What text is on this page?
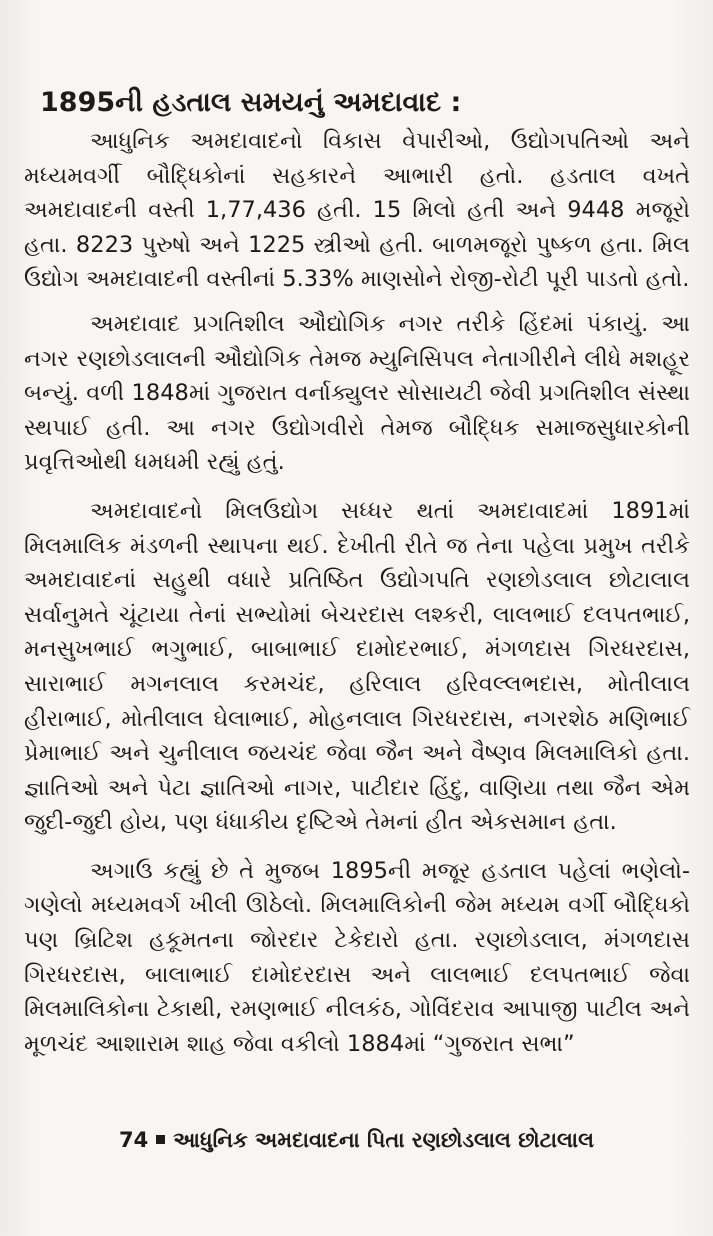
1895ની હડતાલ સમયનું અમદાવાદ :

આધુનિક અમદાવાદનો વિકાસ વેપારીઓ, ઉદ્યોગપતિઓ અને મધ્યમવર્ગી બૌદ્ધિકોનાં સહકારને આભારી હતો. હડતાલ વખતે અમદાવાદની વસ્તી 1,77,436 હતી. 15 મિલો હતી અને 9448 મજૂરો હતા. 8223 પુરુષો અને 1225 સ્ત્રીઓ હતી. બાળમજૂરો પુષ્કળ હતા. મિલ ઉદ્યોગ અમદાવાદની વસ્તીનાં 5.33% માણસોને રોજી-રોટી પૂરી પાડતો હતો.

અમદાવાદ પ્રગતિશીલ ઔદ્યોગિક નગર તરીકે હિંદમાં પંકાયું. આ નગર રણછોડલાલની ઔદ્યોગિક તેમજ મ્યુનિસિપલ નેતાગીરીને લીધે મશહૂર બન્યું. વળી 1848માં ગુજરાત વર્નાક્યુલર સોસાયટી જેવી પ્રગતિશીલ સંસ્થા સ્થપાઈ હતી. આ નગર ઉદ્યોગવીરો તેમજ બૌદ્ધિક સમાજસુધારકોની પ્રવૃત્તિઓથી ધમધમી રહ્યું હતું.

અમદાવાદનો મિલઉદ્યોગ સધ્ધર થતાં અમદાવાદમાં 1891માં મિલમાલિક મંડળની સ્થાપના થઈ. દેખીતી રીતે જ તેના પહેલા પ્રમુખ તરીકે અમદાવાદનાં સહુથી વધારે પ્રતિષ્ઠિત ઉદ્યોગપતિ રણછોડલાલ છોટાલાલ સર્વાનુમતે ચૂંટાયા તેનાં સભ્યોમાં બેચરદાસ લશ્કરી, લાલભાઈ દલપતભાઈ, મનસુખભાઈ ભગુભાઈ, બાબાભાઈ દામોદરભાઈ, મંગળદાસ ગિરધરદાસ, સારાભાઈ મગનલાલ કરમચંદ, હરિલાલ હરિવલ્લભદાસ, મોતીલાલ હીરાભાઈ, મોતીલાલ ઘેલાભાઈ, મોહનલાલ ગિરધરદાસ, નગરશેઠ મણિભાઈ પ્રેમાભાઈ અને ચુનીલાલ જયચંદ જેવા જૈન અને વૈષ્ણવ મિલમાલિકો હતા. જ્ઞાતિઓ અને પેટા જ્ઞાતિઓ નાગર, પાટીદાર હિંદુ, વાણિયા તથા જૈન એમ જુદી-જુદી હોય, પણ ધંધાકીય દૃષ્ટિએ તેમનાં હીત એકસમાન હતા.

અગાઉ કહ્યું છે તે મુજબ 1895ની મજૂર હડતાલ પહેલાં ભણેલો-ગણેલો મધ્યમવર્ગ ખીલી ઊઠેલો. મિલમાલિકોની જેમ મધ્યમ વર્ગી બૌદ્ધિકો પણ બ્રિટિશ હકૂમતના જોરદાર ટેકેદારો હતા. રણછોડલાલ, મંગળદાસ ગિરધરદાસ, બાલાભાઈ દામોદરદાસ અને લાલભાઈ દલપતભાઈ જેવા મિલમાલિકોના ટેકાથી, રમણભાઈ નીલકંઠ, ગોવિંદરાવ આપાજી પાટીલ અને મૂળચંદ આશારામ શાહ જેવા વકીલો 1884માં “ગુજરાત સભા”

74 આધુનિક અમદાવાદના પિતા રણછોડલાલ છોટાલાલ
